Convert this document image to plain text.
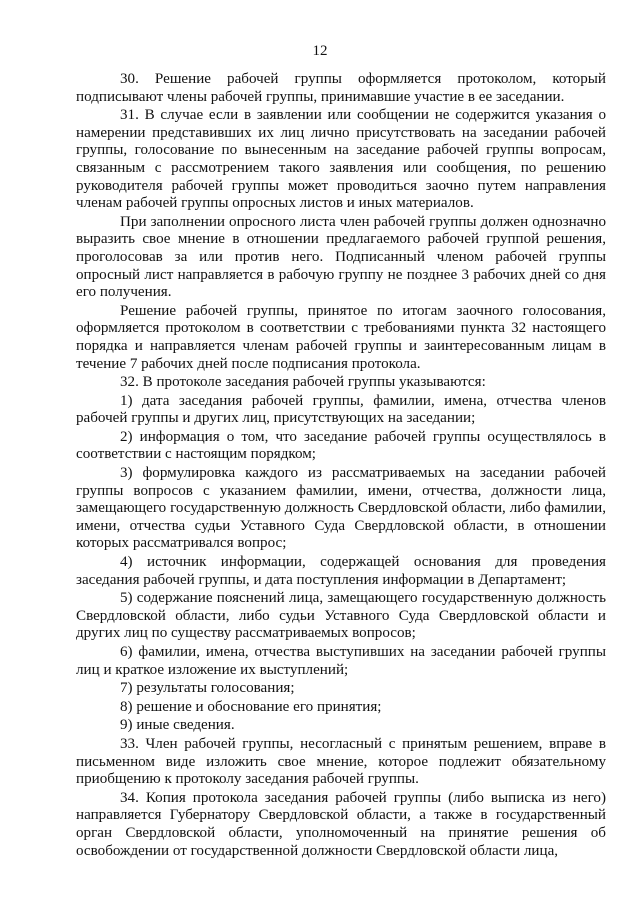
12

30. Решение рабочей группы оформляется протоколом, который подписывают члены рабочей группы, принимавшие участие в ее заседании.

31. В случае если в заявлении или сообщении не содержится указания о намерении представивших их лиц лично присутствовать на заседании рабочей группы, голосование по вынесенным на заседание рабочей группы вопросам, связанным с рассмотрением такого заявления или сообщения, по решению руководителя рабочей группы может проводиться заочно путем направления членам рабочей группы опросных листов и иных материалов.

При заполнении опросного листа член рабочей группы должен однозначно выразить свое мнение в отношении предлагаемого рабочей группой решения, проголосовав за или против него. Подписанный членом рабочей группы опросный лист направляется в рабочую группу не позднее 3 рабочих дней со дня его получения.

Решение рабочей группы, принятое по итогам заочного голосования, оформляется протоколом в соответствии с требованиями пункта 32 настоящего порядка и направляется членам рабочей группы и заинтересованным лицам в течение 7 рабочих дней после подписания протокола.

32. В протоколе заседания рабочей группы указываются:

1) дата заседания рабочей группы, фамилии, имена, отчества членов рабочей группы и других лиц, присутствующих на заседании;

2) информация о том, что заседание рабочей группы осуществлялось в соответствии с настоящим порядком;

3) формулировка каждого из рассматриваемых на заседании рабочей группы вопросов с указанием фамилии, имени, отчества, должности лица, замещающего государственную должность Свердловской области, либо фамилии, имени, отчества судьи Уставного Суда Свердловской области, в отношении которых рассматривался вопрос;

4) источник информации, содержащей основания для проведения заседания рабочей группы, и дата поступления информации в Департамент;

5) содержание пояснений лица, замещающего государственную должность Свердловской области, либо судьи Уставного Суда Свердловской области и других лиц по существу рассматриваемых вопросов;

6) фамилии, имена, отчества выступивших на заседании рабочей группы лиц и краткое изложение их выступлений;

7) результаты голосования;

8) решение и обоснование его принятия;

9) иные сведения.

33. Член рабочей группы, несогласный с принятым решением, вправе в письменном виде изложить свое мнение, которое подлежит обязательному приобщению к протоколу заседания рабочей группы.

34. Копия протокола заседания рабочей группы (либо выписка из него) направляется Губернатору Свердловской области, а также в государственный орган Свердловской области, уполномоченный на принятие решения об освобождении от государственной должности Свердловской области лица,
